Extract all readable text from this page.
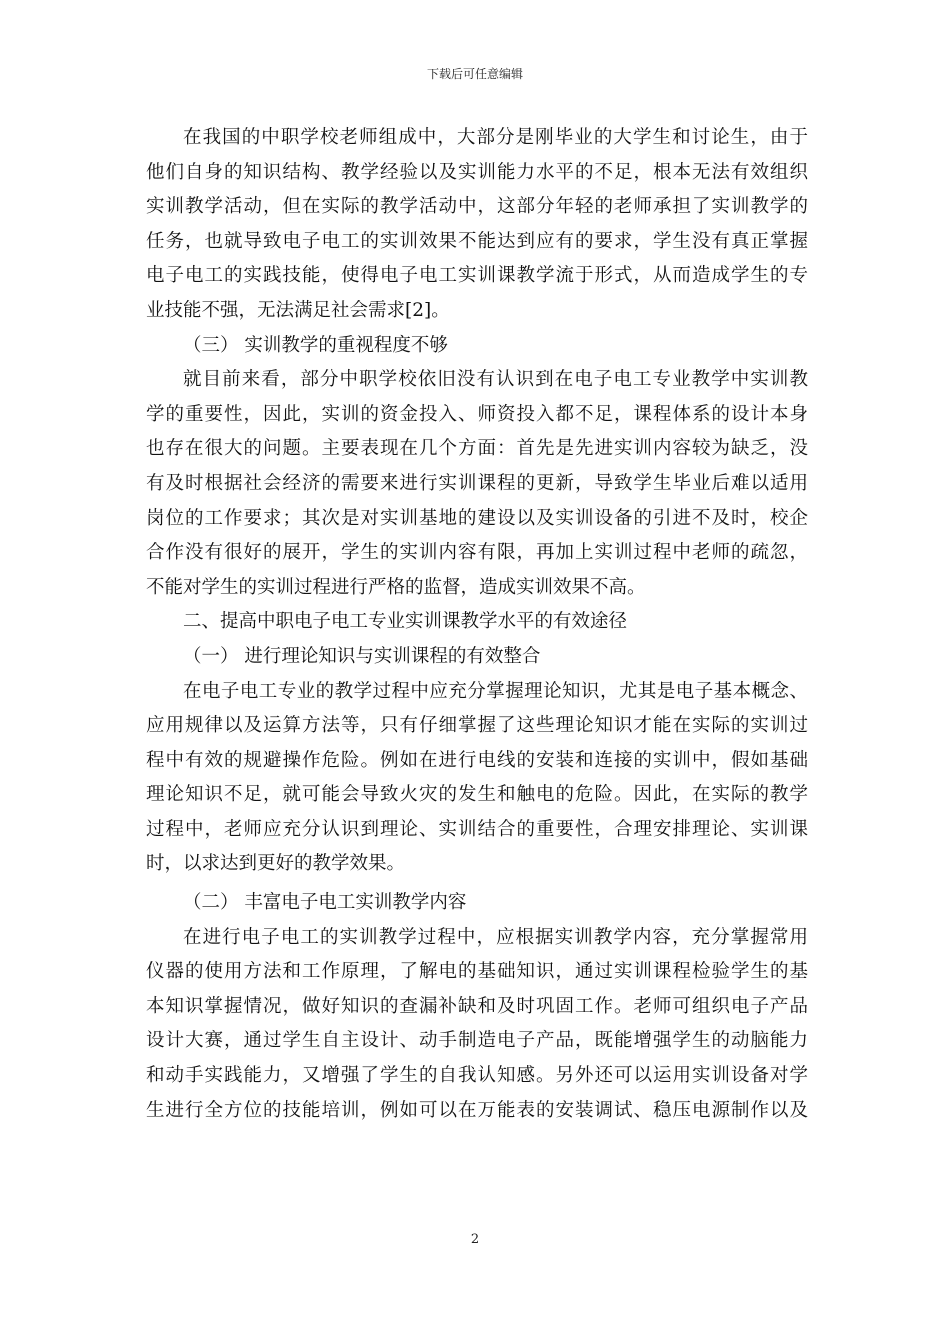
下载后可任意编辑
在我国的中职学校老师组成中，大部分是刚毕业的大学生和讨论生，由于
他们自身的知识结构、教学经验以及实训能力水平的不足，根本无法有效组织
实训教学活动，但在实际的教学活动中，这部分年轻的老师承担了实训教学的
任务，也就导致电子电工的实训效果不能达到应有的要求，学生没有真正掌握
电子电工的实践技能，使得电子电工实训课教学流于形式，从而造成学生的专
业技能不强，无法满足社会需求[2]。
（三） 实训教学的重视程度不够
就目前来看，部分中职学校依旧没有认识到在电子电工专业教学中实训教
学的重要性，因此，实训的资金投入、师资投入都不足，课程体系的设计本身
也存在很大的问题。主要表现在几个方面：首先是先进实训内容较为缺乏，没
有及时根据社会经济的需要来进行实训课程的更新，导致学生毕业后难以适用
岗位的工作要求；其次是对实训基地的建设以及实训设备的引进不及时，校企
合作没有很好的展开，学生的实训内容有限，再加上实训过程中老师的疏忽，
不能对学生的实训过程进行严格的监督，造成实训效果不高。
二、提高中职电子电工专业实训课教学水平的有效途径
（一） 进行理论知识与实训课程的有效整合
在电子电工专业的教学过程中应充分掌握理论知识，尤其是电子基本概念、
应用规律以及运算方法等，只有仔细掌握了这些理论知识才能在实际的实训过
程中有效的规避操作危险。例如在进行电线的安装和连接的实训中，假如基础
理论知识不足，就可能会导致火灾的发生和触电的危险。因此，在实际的教学
过程中，老师应充分认识到理论、实训结合的重要性，合理安排理论、实训课
时，以求达到更好的教学效果。
（二） 丰富电子电工实训教学内容
在进行电子电工的实训教学过程中，应根据实训教学内容，充分掌握常用
仪器的使用方法和工作原理，了解电的基础知识，通过实训课程检验学生的基
本知识掌握情况，做好知识的查漏补缺和及时巩固工作。老师可组织电子产品
设计大赛，通过学生自主设计、动手制造电子产品，既能增强学生的动脑能力
和动手实践能力，又增强了学生的自我认知感。另外还可以运用实训设备对学
生进行全方位的技能培训，例如可以在万能表的安装调试、稳压电源制作以及
2
